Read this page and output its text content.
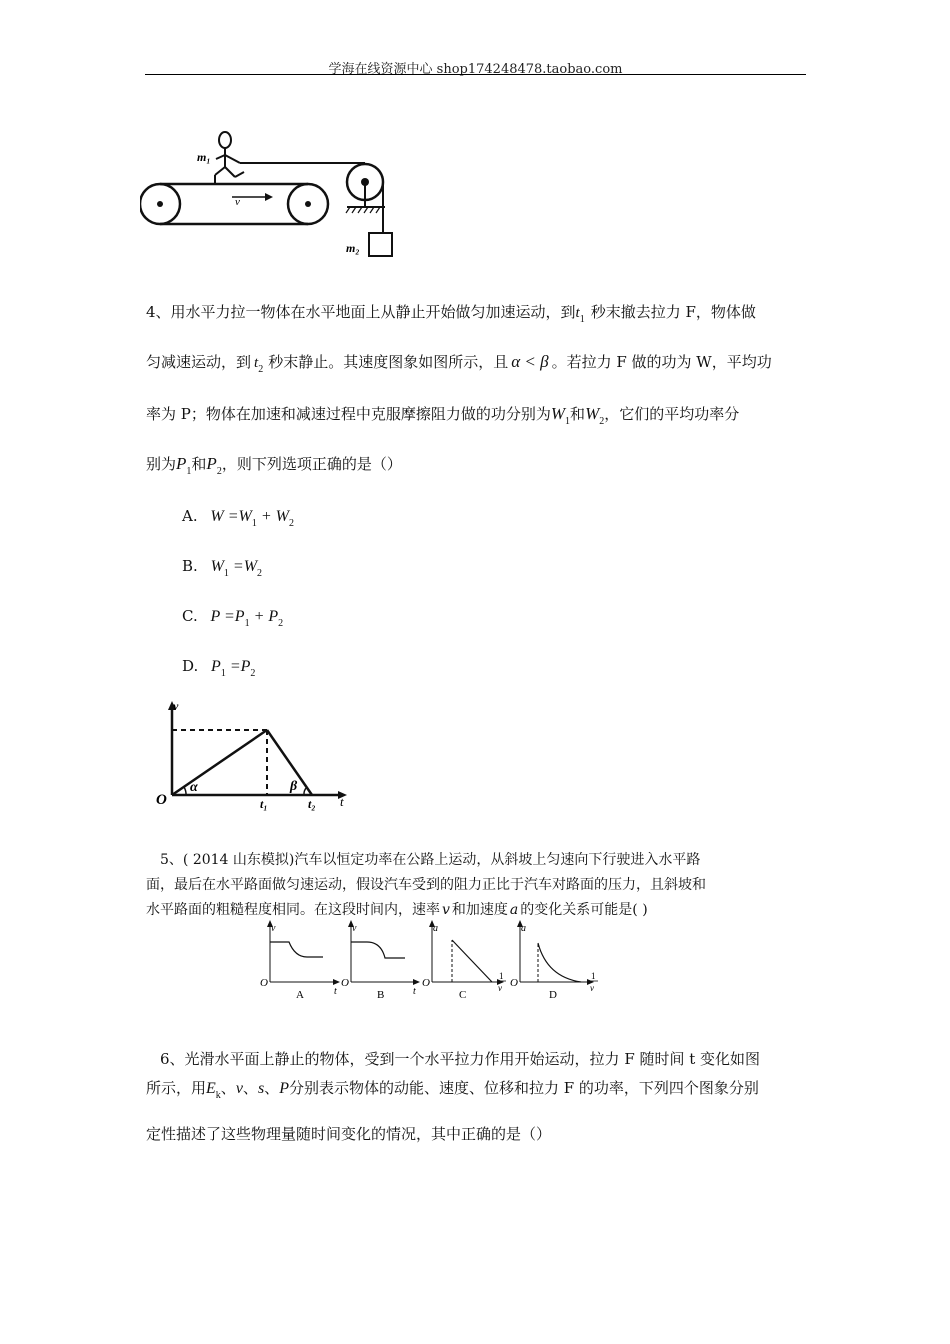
学海在线资源中心 shop174248478.taobao.com
v
m₁
m₂
4、用水平力拉一物体在水平地面上从静止开始做匀加速运动，到$t_1$ 秒末撤去拉力 F，物体做
匀减速运动，到 $t_2$ 秒末静止。其速度图象如图所示，且 α < β 。若拉力 F 做的功为 W，平均功
率为 P；物体在加速和减速过程中克服摩擦阻力做的功分别为$W_1$和$W_2$，它们的平均功率分
别为$P_1$和$P_2$，则下列选项正确的是（）
A. $W =W_1 + W_2$
B. $W_1 =W_2$
C. $P =P_1 + P_2$
D. $P_1 =P_2$
v
O
α	β
t₁	t₂ t
5、( 2014 山东模拟)汽车以恒定功率在公路上运动，从斜坡上匀速向下行驶进入水平路
面，最后在水平路面做匀速运动，假设汽车受到的阻力正比于汽车对路面的压力，且斜坡和
水平路面的粗糙程度相同。在这段时间内，速率 v 和加速度 a 的变化关系可能是( )
v
O
t
A
v
O
t
B
a
O
1
v
C
a
O
1
v
D
6、光滑水平面上静止的物体，受到一个水平拉力作用开始运动，拉力 F 随时间 t 变化如图
所示，用$E_k$、v、s、P分别表示物体的动能、速度、位移和拉力 F 的功率，下列四个图象分别
定性描述了这些物理量随时间变化的情况，其中正确的是（）
